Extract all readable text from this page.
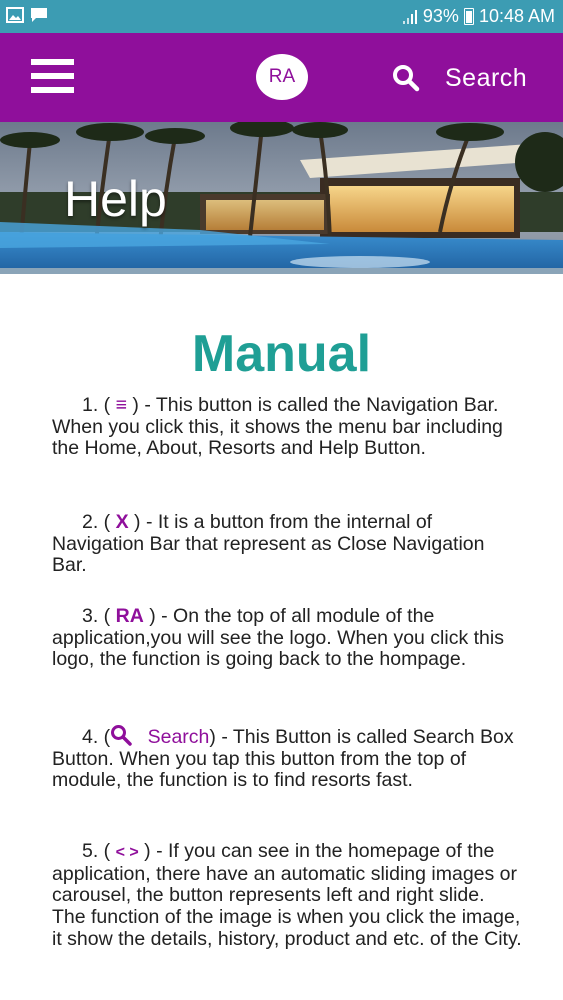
93% 10:48 AM
RA	Search
Help
Manual
1. ( ≡ ) - This button is called the Navigation Bar. When you click this, it shows the menu bar including the Home, About, Resorts and Help Button.
2. ( X ) - It is a button from the internal of Navigation Bar that represent as Close Navigation Bar.
3. ( RA ) - On the top of all module of the application,you will see the logo. When you click this logo, the function is going back to the hompage.
4. ( Search) - This Button is called Search Box Button. When you tap this button from the top of module, the function is to find resorts fast.
5. ( < > ) - If you can see in the homepage of the application, there have an automatic sliding images or carousel, the button represents left and right slide. The function of the image is when you click the image, it show the details, history, product and etc. of the City.
